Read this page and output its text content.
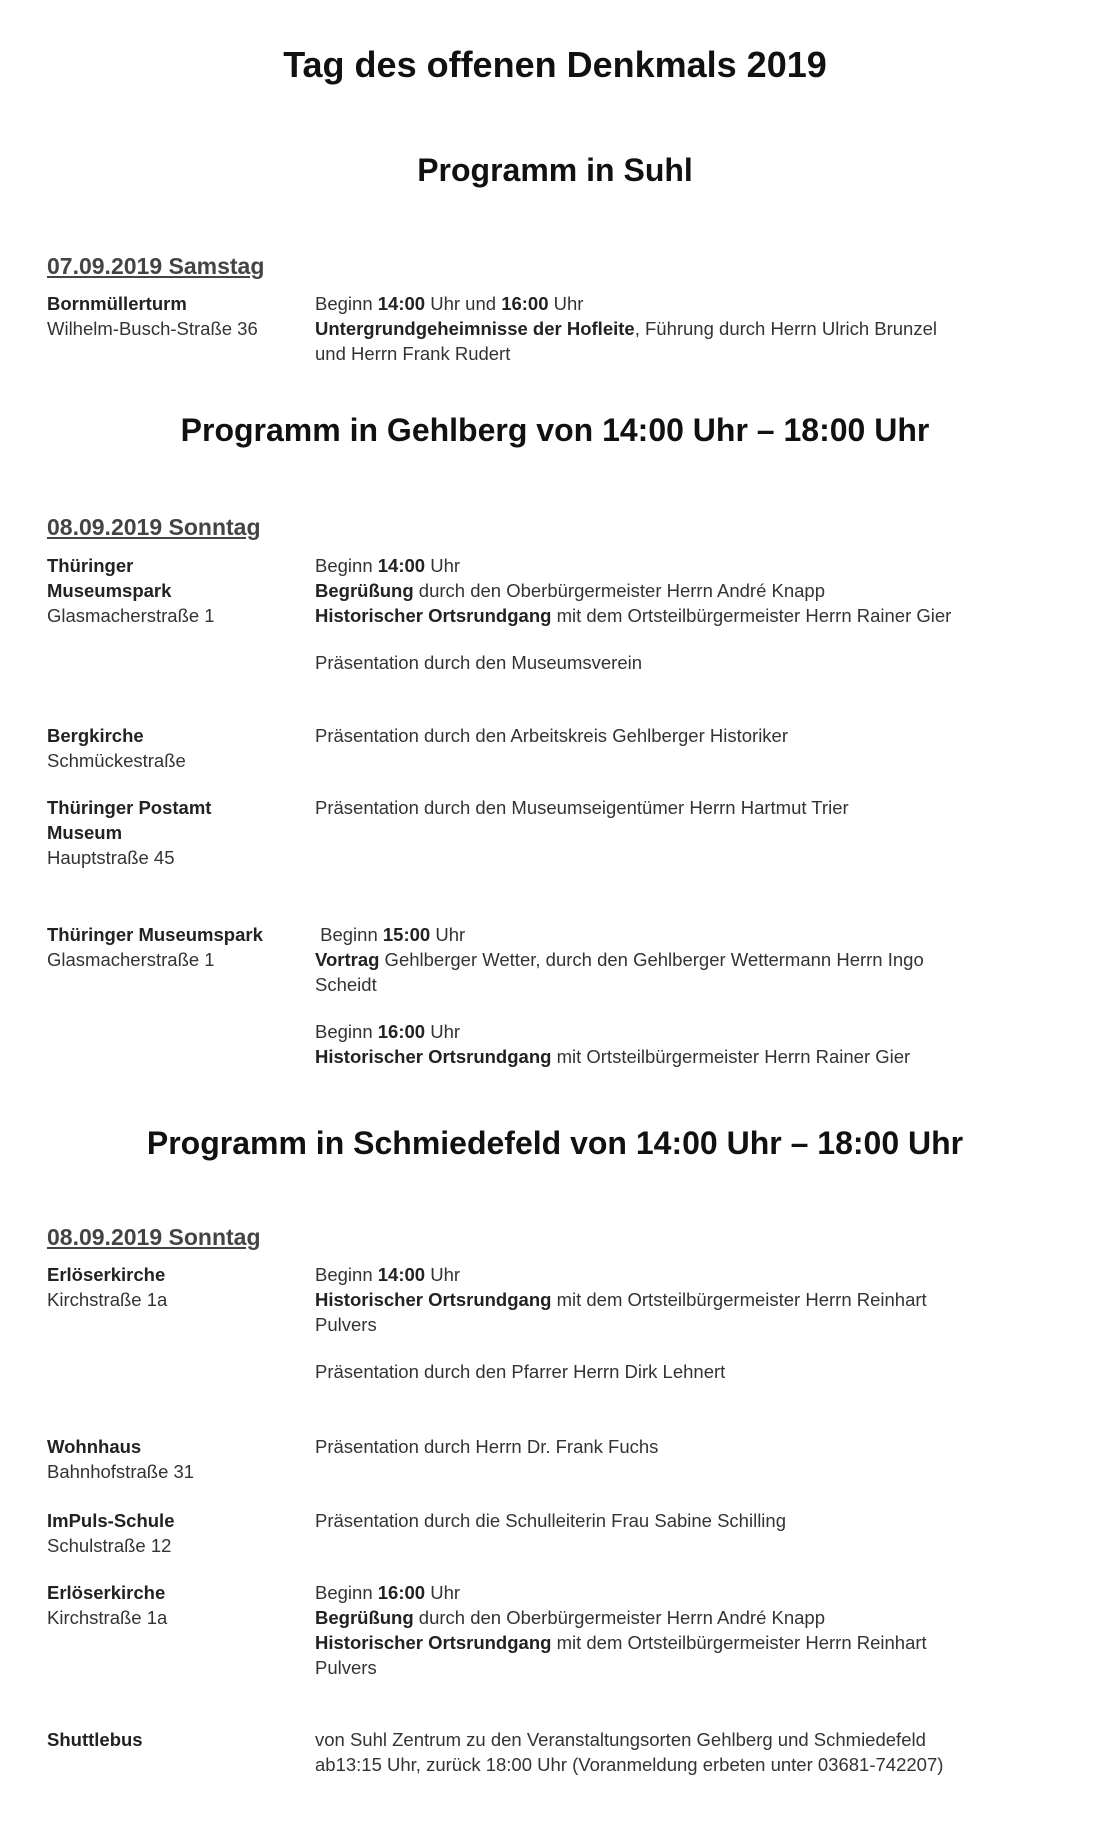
Tag des offenen Denkmals 2019
Programm in Suhl
07.09.2019 Samstag
Bornmüllerturm
Wilhelm-Busch-Straße 36
Beginn 14:00 Uhr und 16:00 Uhr
Untergrundgeheimnisse der Hofleite, Führung durch Herrn Ulrich Brunzel
und Herrn Frank Rudert
Programm in Gehlberg von 14:00 Uhr – 18:00 Uhr
08.09.2019 Sonntag
Thüringer
Museumspark
Glasmacherstraße 1
Beginn 14:00 Uhr
Begrüßung durch den Oberbürgermeister Herrn André Knapp
Historischer Ortsrundgang mit dem Ortsteilbürgermeister Herrn Rainer Gier
Präsentation durch den Museumsverein
Bergkirche
Schmückestraße
Präsentation durch den Arbeitskreis Gehlberger Historiker
Thüringer Postamt
Museum
Hauptstraße 45
Präsentation durch den Museumseigentümer Herrn Hartmut Trier
Thüringer Museumspark
Glasmacherstraße 1
Beginn 15:00 Uhr
Vortrag Gehlberger Wetter, durch den Gehlberger Wettermann Herrn Ingo
Scheidt
Beginn 16:00 Uhr
Historischer Ortsrundgang mit Ortsteilbürgermeister Herrn Rainer Gier
Programm in Schmiedefeld von 14:00 Uhr – 18:00 Uhr
08.09.2019 Sonntag
Erlöserkirche
Kirchstraße 1a
Beginn 14:00 Uhr
Historischer Ortsrundgang mit dem Ortsteilbürgermeister Herrn Reinhart
Pulvers
Präsentation durch den Pfarrer Herrn Dirk Lehnert
Wohnhaus
Bahnhofstraße 31
Präsentation durch Herrn Dr. Frank Fuchs
ImPuls-Schule
Schulstraße 12
Präsentation durch die Schulleiterin Frau Sabine Schilling
Erlöserkirche
Kirchstraße 1a
Beginn 16:00 Uhr
Begrüßung durch den Oberbürgermeister Herrn André Knapp
Historischer Ortsrundgang mit dem Ortsteilbürgermeister Herrn Reinhart
Pulvers
Shuttlebus	von Suhl Zentrum zu den Veranstaltungsorten Gehlberg und Schmiedefeld
ab13:15 Uhr, zurück 18:00 Uhr (Voranmeldung erbeten unter 03681-742207)
